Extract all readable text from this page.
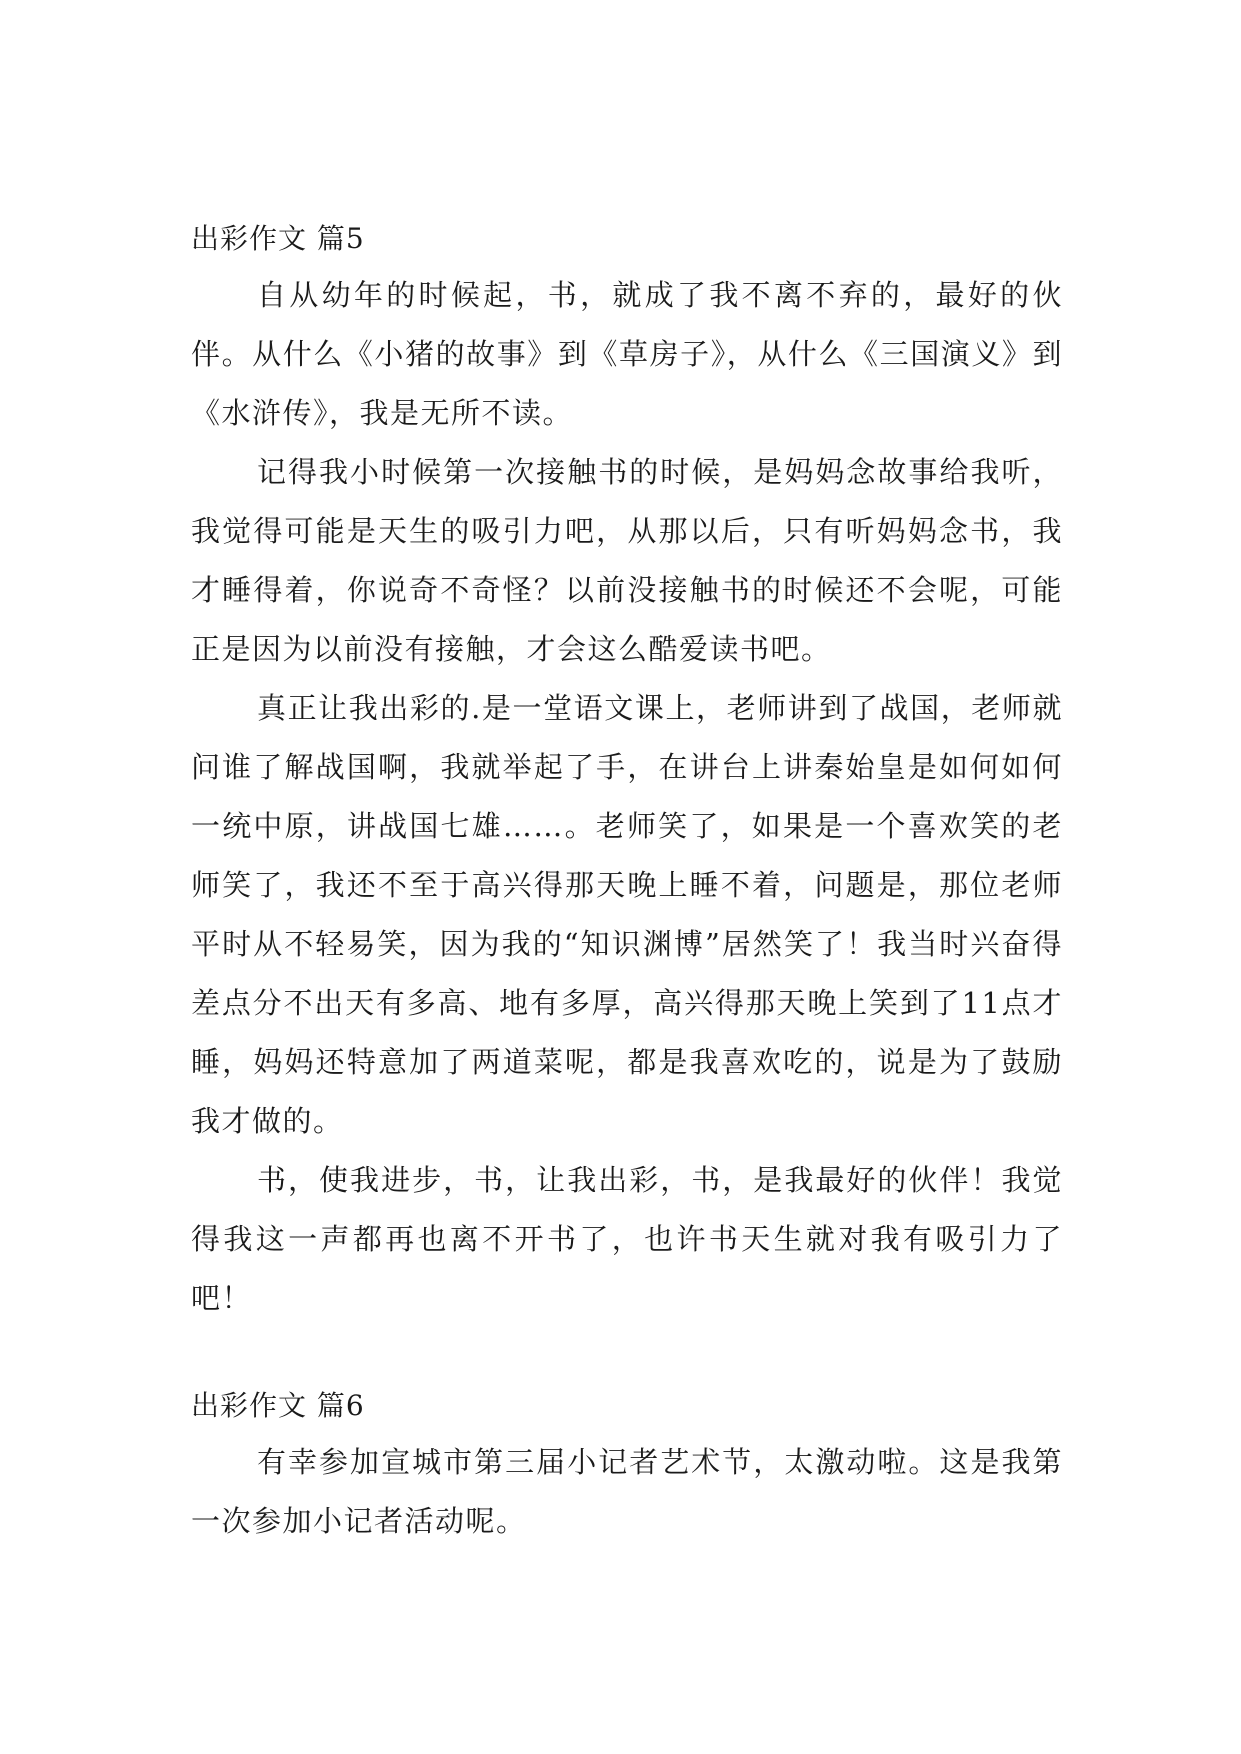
出彩作文 篇5

自从幼年的时候起，书，就成了我不离不弃的，最好的伙伴。从什么《小猪的故事》到《草房子》，从什么《三国演义》到《水浒传》，我是无所不读。

记得我小时候第一次接触书的时候，是妈妈念故事给我听，我觉得可能是天生的吸引力吧，从那以后，只有听妈妈念书，我才睡得着，你说奇不奇怪？以前没接触书的时候还不会呢，可能正是因为以前没有接触，才会这么酷爱读书吧。

真正让我出彩的.是一堂语文课上，老师讲到了战国，老师就问谁了解战国啊，我就举起了手，在讲台上讲秦始皇是如何如何一统中原，讲战国七雄……。老师笑了，如果是一个喜欢笑的老师笑了，我还不至于高兴得那天晚上睡不着，问题是，那位老师平时从不轻易笑，因为我的“知识渊博”居然笑了！我当时兴奋得差点分不出天有多高、地有多厚，高兴得那天晚上笑到了11点才睡，妈妈还特意加了两道菜呢，都是我喜欢吃的，说是为了鼓励我才做的。

书，使我进步，书，让我出彩，书，是我最好的伙伴！我觉得我这一声都再也离不开书了，也许书天生就对我有吸引力了吧！

出彩作文 篇6

有幸参加宣城市第三届小记者艺术节，太激动啦。这是我第一次参加小记者活动呢。
